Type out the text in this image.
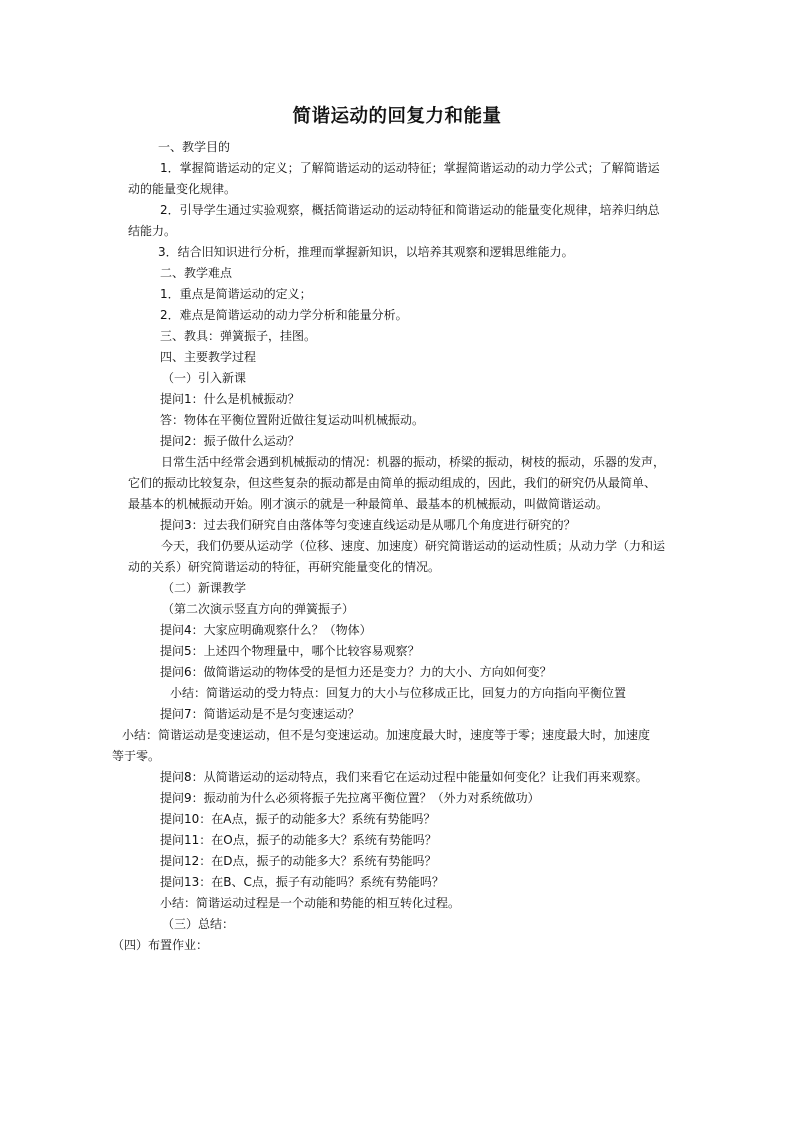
简谐运动的回复力和能量
一、教学目的
1．掌握简谐运动的定义；了解简谐运动的运动特征；掌握简谐运动的动力学公式；了解简谐运动的能量变化规律。
2．引导学生通过实验观察，概括简谐运动的运动特征和简谐运动的能量变化规律，培养归纳总结能力。
3．结合旧知识进行分析，推理而掌握新知识，以培养其观察和逻辑思维能力。
二、教学难点
1．重点是简谐运动的定义；
2．难点是简谐运动的动力学分析和能量分析。
三、教具：弹簧振子，挂图。
四、主要教学过程
（一）引入新课
提问1：什么是机械振动？
答：物体在平衡位置附近做往复运动叫机械振动。
提问2：振子做什么运动？
日常生活中经常会遇到机械振动的情况：机器的振动，桥梁的振动，树枝的振动，乐器的发声，它们的振动比较复杂，但这些复杂的振动都是由简单的振动组成的，因此，我们的研究仍从最简单、最基本的机械振动开始。刚才演示的就是一种最简单、最基本的机械振动，叫做简谐运动。
提问3：过去我们研究自由落体等匀变速直线运动是从哪几个角度进行研究的？
今天，我们仍要从运动学（位移、速度、加速度）研究简谐运动的运动性质；从动力学（力和运动的关系）研究简谐运动的特征，再研究能量变化的情况。
（二）新课教学
（第二次演示竖直方向的弹簧振子）
提问4：大家应明确观察什么？（物体）
提问5：上述四个物理量中，哪个比较容易观察？
提问6：做简谐运动的物体受的是恒力还是变力？力的大小、方向如何变？
小结：简谐运动的受力特点：回复力的大小与位移成正比，回复力的方向指向平衡位置
提问7：简谐运动是不是匀变速运动？
小结：简谐运动是变速运动，但不是匀变速运动。加速度最大时，速度等于零；速度最大时，加速度等于零。
提问8：从简谐运动的运动特点，我们来看它在运动过程中能量如何变化？让我们再来观察。
提问9：振动前为什么必须将振子先拉离平衡位置？（外力对系统做功）
提问10：在A点，振子的动能多大？系统有势能吗？
提问11：在O点，振子的动能多大？系统有势能吗？
提问12：在D点，振子的动能多大？系统有势能吗？
提问13：在B、C点，振子有动能吗？系统有势能吗？
小结：简谐运动过程是一个动能和势能的相互转化过程。
（三）总结：
（四）布置作业：
